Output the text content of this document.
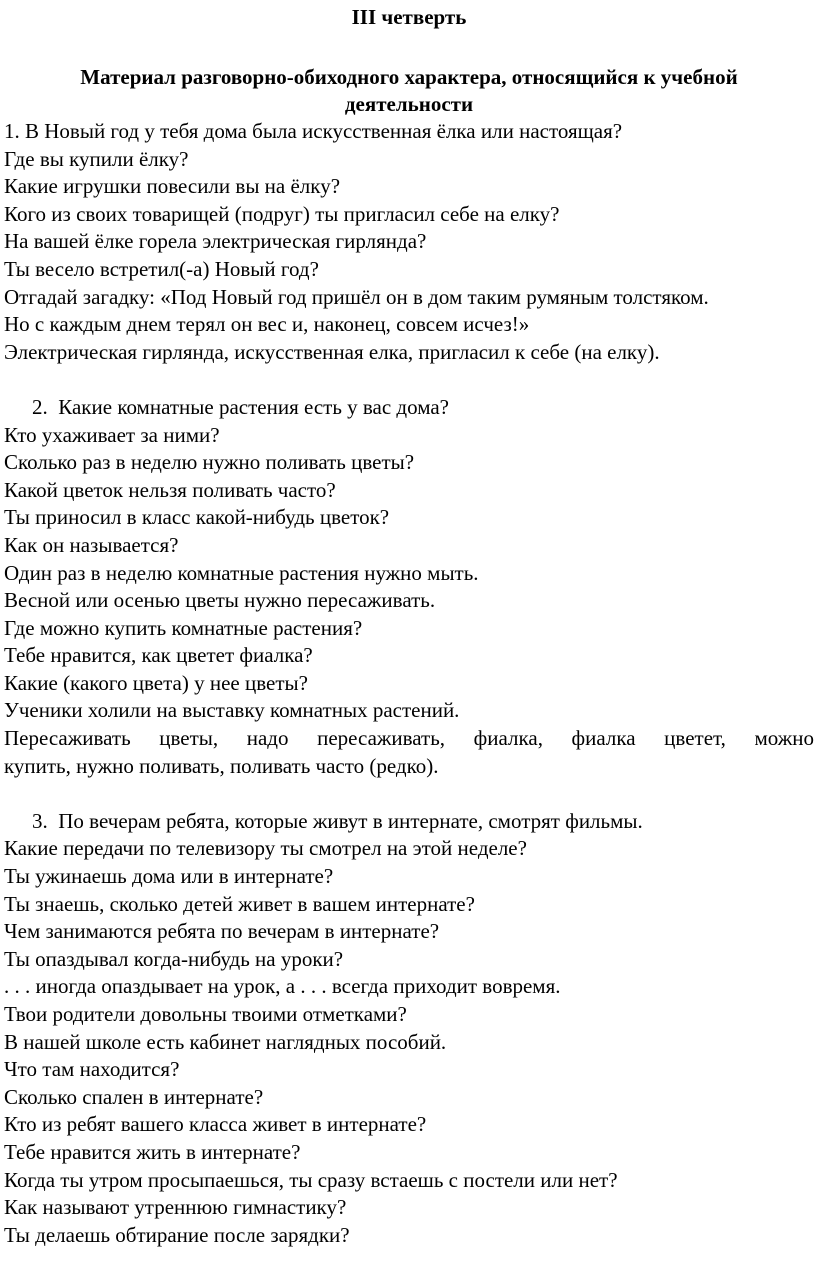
III четверть
Материал разговорно-обиходного характера, относящийся к учебной
деятельности
1. В Новый год у тебя дома была искусственная ёлка или настоящая?
Где вы купили ёлку?
Какие игрушки повесили вы на ёлку?
Кого из своих товарищей (подруг) ты пригласил себе на елку?
На вашей ёлке горела электрическая гирлянда?
Ты весело встретил(-а) Новый год?
Отгадай загадку: «Под Новый год пришёл он в дом таким румяным толстяком.
Но с каждым днем терял он вес и, наконец, совсем исчез!»
Электрическая гирлянда, искусственная елка, пригласил к себе (на елку).
2. Какие комнатные растения есть у вас дома?
Кто ухаживает за ними?
Сколько раз в неделю нужно поливать цветы?
Какой цветок нельзя поливать часто?
Ты приносил в класс какой-нибудь цветок?
Как он называется?
Один раз в неделю комнатные растения нужно мыть.
Весной или осенью цветы нужно пересаживать.
Где можно купить комнатные растения?
Тебе нравится, как цветет фиалка?
Какие (какого цвета) у нее цветы?
Ученики холили на выставку комнатных растений.
Пересаживать цветы, надо пересаживать, фиалка, фиалка цветет, можно
купить, нужно поливать, поливать часто (редко).
3. По вечерам ребята, которые живут в интернате, смотрят фильмы.
Какие передачи по телевизору ты смотрел на этой неделе?
Ты ужинаешь дома или в интернате?
Ты знаешь, сколько детей живет в вашем интернате?
Чем занимаются ребята по вечерам в интернате?
Ты опаздывал когда-нибудь на уроки?
. . . иногда опаздывает на урок, а . . . всегда приходит вовремя.
Твои родители довольны твоими отметками?
В нашей школе есть кабинет наглядных пособий.
Что там находится?
Сколько спален в интернате?
Кто из ребят вашего класса живет в интернате?
Тебе нравится жить в интернате?
Когда ты утром просыпаешься, ты сразу встаешь с постели или нет?
Как называют утреннюю гимнастику?
Ты делаешь обтирание после зарядки?
